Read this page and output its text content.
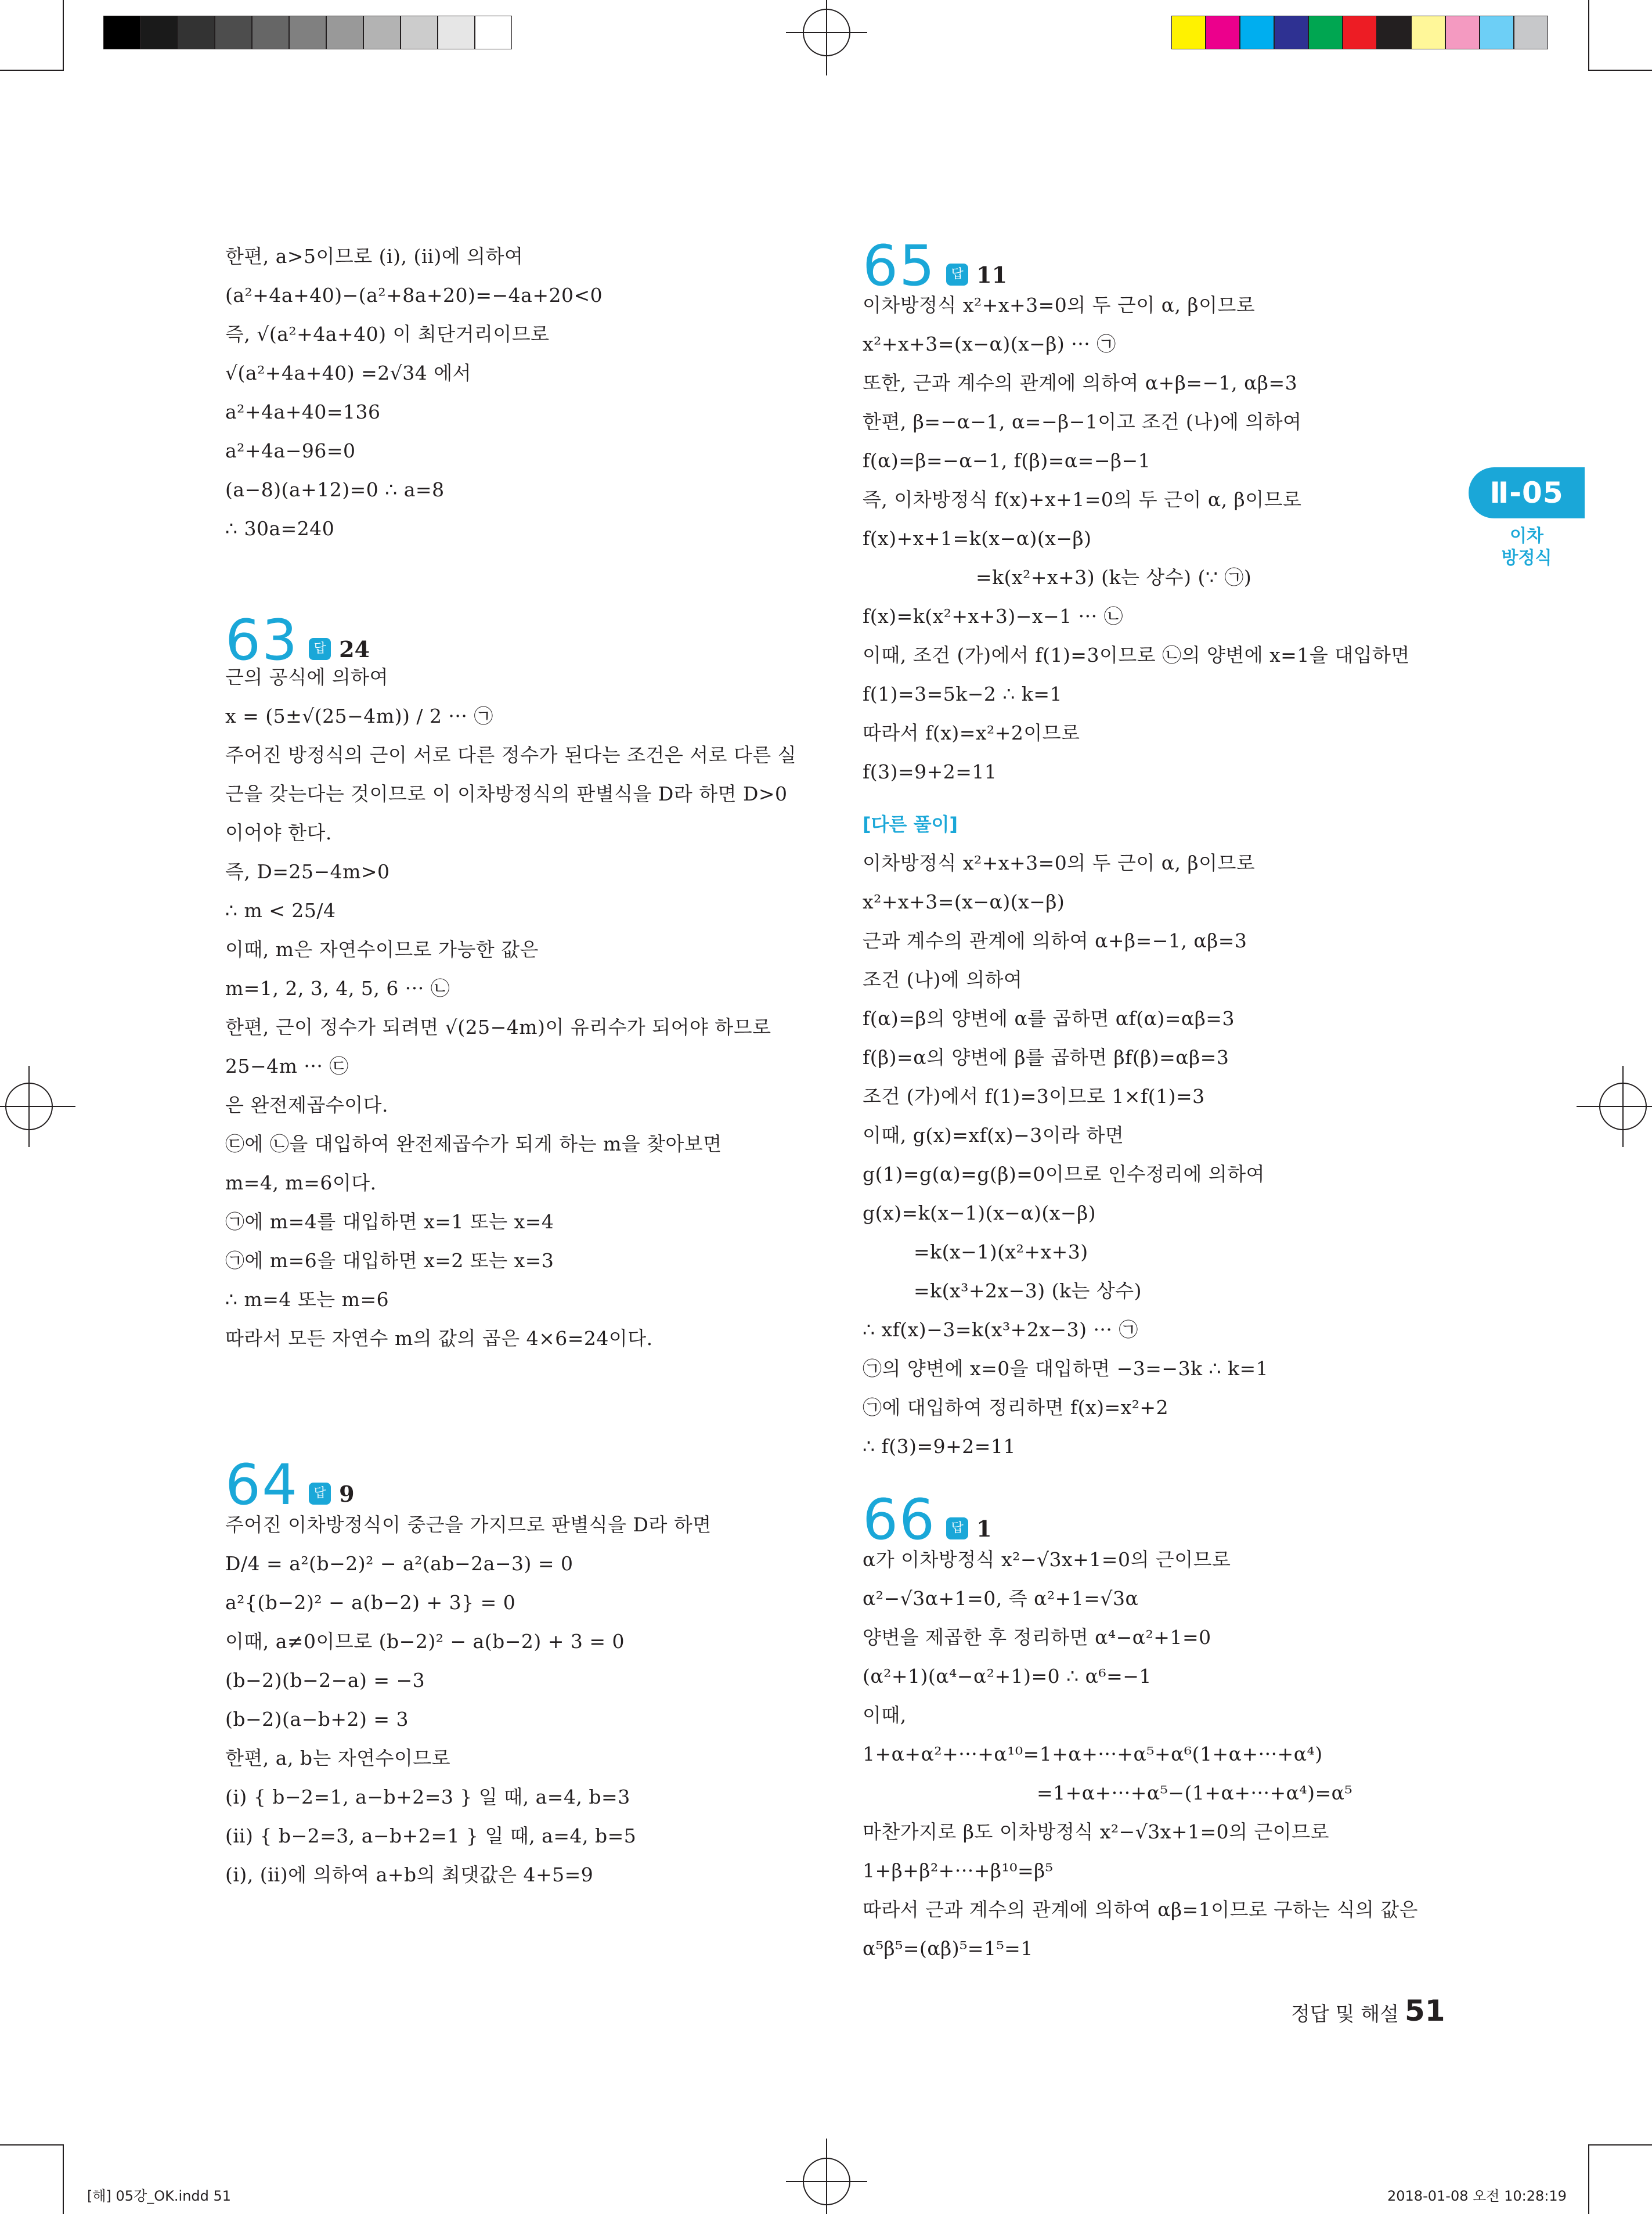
한편, a>5이므로 (ⅰ), (ⅱ)에 의하여
(a²+4a+40)−(a²+8a+20)=−4a+20<0
즉, √(a²+4a+40) 이 최단거리이므로
√(a²+4a+40) =2√34 에서
a²+4a+40=136
a²+4a−96=0
(a−8)(a+12)=0 ∴ a=8
∴ 30a=240
63	답 24
근의 공식에 의하여
x = (5±√(25−4m)) / 2 ··· ㉠
주어진 방정식의 근이 서로 다른 정수가 된다는 조건은 서로 다른 실
근을 갖는다는 것이므로 이 이차방정식의 판별식을 D라 하면 D>0
이어야 한다.
즉, D=25−4m>0
∴ m < 25/4
이때, m은 자연수이므로 가능한 값은
m=1, 2, 3, 4, 5, 6 ··· ㉡
한편, 근이 정수가 되려면 √(25−4m)이 유리수가 되어야 하므로
25−4m ··· ㉢
은 완전제곱수이다.
㉢에 ㉡을 대입하여 완전제곱수가 되게 하는 m을 찾아보면
m=4, m=6이다.
㉠에 m=4를 대입하면 x=1 또는 x=4
㉠에 m=6을 대입하면 x=2 또는 x=3
∴ m=4 또는 m=6
따라서 모든 자연수 m의 값의 곱은 4×6=24이다.
64	답 9
주어진 이차방정식이 중근을 가지므로 판별식을 D라 하면
D/4 = a²(b−2)² − a²(ab−2a−3) = 0
a²{(b−2)² − a(b−2) + 3} = 0
이때, a≠0이므로 (b−2)² − a(b−2) + 3 = 0
(b−2)(b−2−a) = −3
(b−2)(a−b+2) = 3
한편, a, b는 자연수이므로
(ⅰ) { b−2=1, a−b+2=3 } 일 때, a=4, b=3
(ⅱ) { b−2=3, a−b+2=1 } 일 때, a=4, b=5
(ⅰ), (ⅱ)에 의하여 a+b의 최댓값은 4+5=9
65	답 11
이차방정식 x²+x+3=0의 두 근이 α, β이므로
x²+x+3=(x−α)(x−β) ··· ㉠
또한, 근과 계수의 관계에 의하여 α+β=−1, αβ=3
한편, β=−α−1, α=−β−1이고 조건 (나)에 의하여
f(α)=β=−α−1, f(β)=α=−β−1
즉, 이차방정식 f(x)+x+1=0의 두 근이 α, β이므로
f(x)+x+1=k(x−α)(x−β)
=k(x²+x+3) (k는 상수) (∵ ㉠)
f(x)=k(x²+x+3)−x−1 ··· ㉡
이때, 조건 (가)에서 f(1)=3이므로 ㉡의 양변에 x=1을 대입하면
f(1)=3=5k−2 ∴ k=1
따라서 f(x)=x²+2이므로
f(3)=9+2=11
[다른 풀이]
이차방정식 x²+x+3=0의 두 근이 α, β이므로
x²+x+3=(x−α)(x−β)
근과 계수의 관계에 의하여 α+β=−1, αβ=3
조건 (나)에 의하여
f(α)=β의 양변에 α를 곱하면 αf(α)=αβ=3
f(β)=α의 양변에 β를 곱하면 βf(β)=αβ=3
조건 (가)에서 f(1)=3이므로 1×f(1)=3
이때, g(x)=xf(x)−3이라 하면
g(1)=g(α)=g(β)=0이므로 인수정리에 의하여
g(x)=k(x−1)(x−α)(x−β)
=k(x−1)(x²+x+3)
=k(x³+2x−3) (k는 상수)
∴ xf(x)−3=k(x³+2x−3) ··· ㉠
㉠의 양변에 x=0을 대입하면 −3=−3k ∴ k=1
㉠에 대입하여 정리하면 f(x)=x²+2
∴ f(3)=9+2=11
66	답 1
α가 이차방정식 x²−√3x+1=0의 근이므로
α²−√3α+1=0, 즉 α²+1=√3α
양변을 제곱한 후 정리하면 α⁴−α²+1=0
(α²+1)(α⁴−α²+1)=0 ∴ α⁶=−1
이때,
1+α+α²+···+α¹⁰=1+α+···+α⁵+α⁶(1+α+···+α⁴)
=1+α+···+α⁵−(1+α+···+α⁴)=α⁵
마찬가지로 β도 이차방정식 x²−√3x+1=0의 근이므로
1+β+β²+···+β¹⁰=β⁵
따라서 근과 계수의 관계에 의하여 αβ=1이므로 구하는 식의 값은
α⁵β⁵=(αβ)⁵=1⁵=1
Ⅱ-05
이차
방정식
정답 및 해설 51
[해] 05강_OK.indd 51	2018-01-08 오전 10:28:19
